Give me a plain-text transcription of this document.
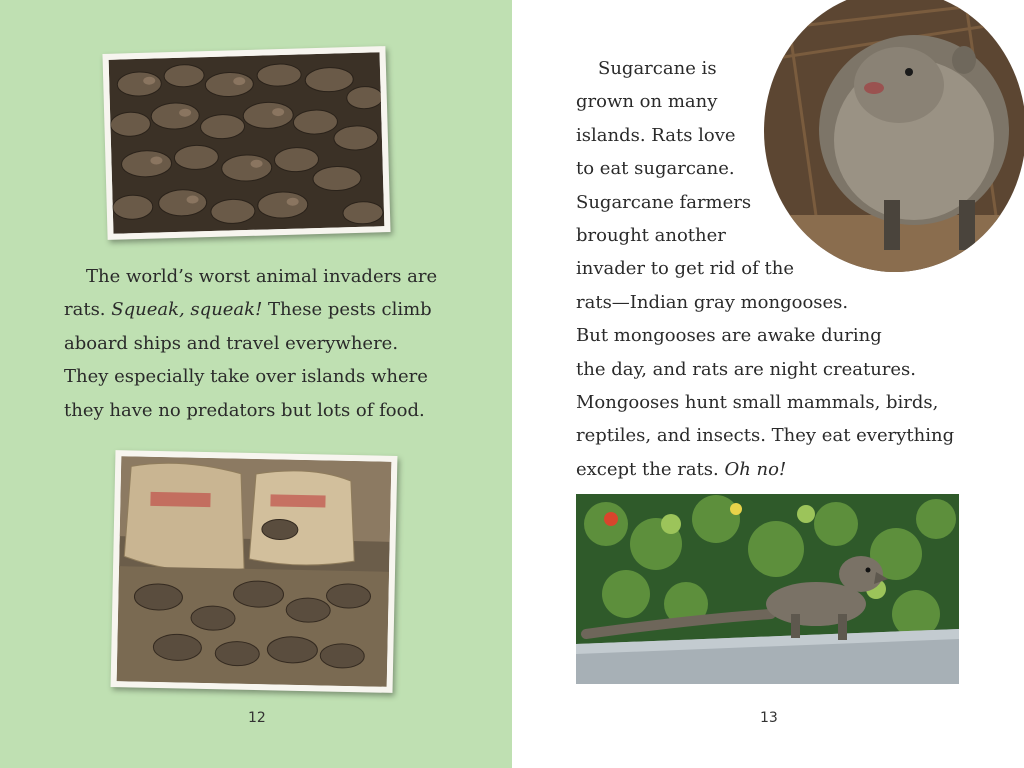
The world’s worst animal invaders are

rats. Squeak, squeak! These pests climb

aboard ships and travel everywhere.

They especially take over islands where

they have no predators but lots of food.

12

Sugarcane is

grown on many

islands. Rats love

to eat sugarcane.

Sugarcane farmers

brought another

invader to get rid of the

rats—Indian gray mongooses.

But mongooses are awake during

the day, and rats are night creatures.

Mongooses hunt small mammals, birds,

reptiles, and insects. They eat everything

except the rats. Oh no!

13
